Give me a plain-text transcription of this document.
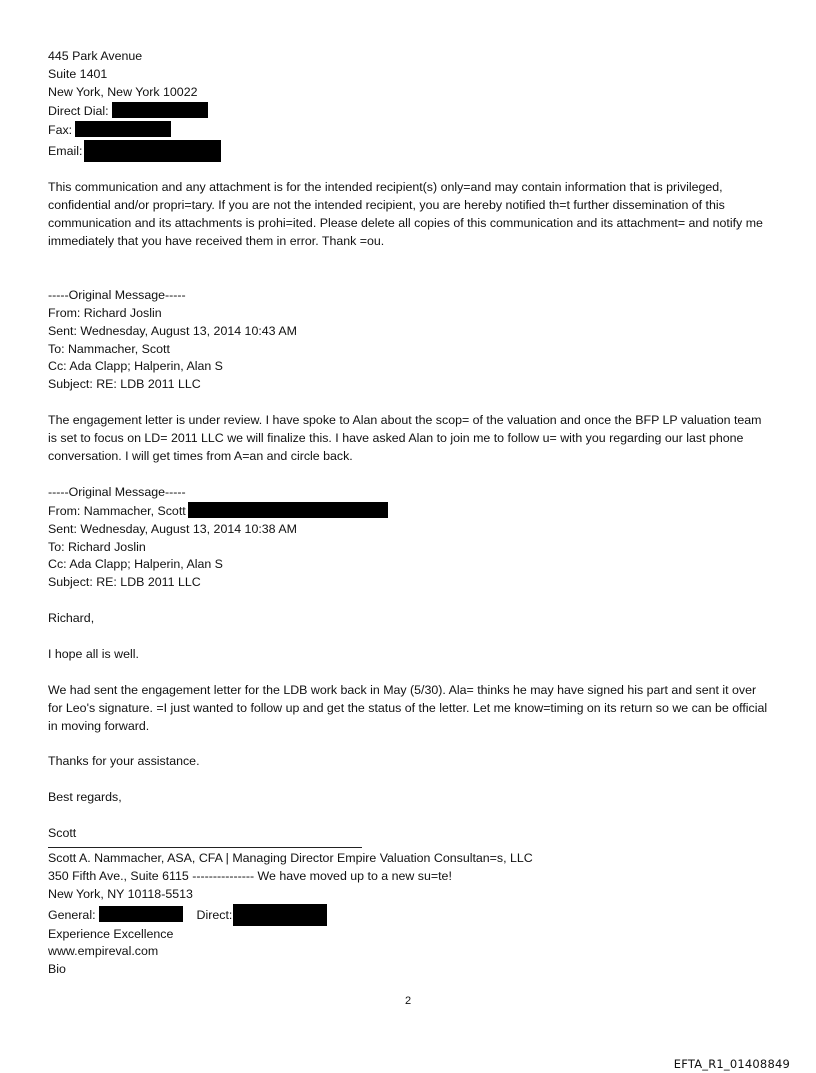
445 Park Avenue
Suite 1401
New York, New York 10022
Direct Dial:
Fax:
Email:
This communication and any attachment is for the intended recipient(s) only=and may contain information that is privileged, confidential and/or propri=tary. If you are not the intended recipient, you are hereby notified th=t further dissemination of this communication and its attachments is prohi=ited. Please delete all copies of this communication and its attachment= and notify me immediately that you have received them in error. Thank =ou.
-----Original Message-----
From: Richard Joslin
Sent: Wednesday, August 13, 2014 10:43 AM
To: Nammacher, Scott
Cc: Ada Clapp; Halperin, Alan S
Subject: RE: LDB 2011 LLC
The engagement letter is under review. I have spoke to Alan about the scop= of the valuation and once the BFP LP valuation team is set to focus on LD= 2011 LLC we will finalize this. I have asked Alan to join me to follow u= with you regarding our last phone conversation. I will get times from A=an and circle back.
-----Original Message-----
From: Nammacher, Scott
Sent: Wednesday, August 13, 2014 10:38 AM
To: Richard Joslin
Cc: Ada Clapp; Halperin, Alan S
Subject: RE: LDB 2011 LLC
Richard,
I hope all is well.
We had sent the engagement letter for the LDB work back in May (5/30). Ala= thinks he may have signed his part and sent it over for Leo's signature. =I just wanted to follow up and get the status of the letter. Let me know=timing on its return so we can be official in moving forward.
Thanks for your assistance.
Best regards,
Scott
Scott A. Nammacher, ASA, CFA | Managing Director Empire Valuation Consultan=s, LLC
350 Fifth Ave., Suite 6115 --------------- We have moved up to a new su=te!
New York, NY 10118-5513
General:	Direct:
Experience Excellence
www.empireval.com
Bio
2
EFTA_R1_01408849
